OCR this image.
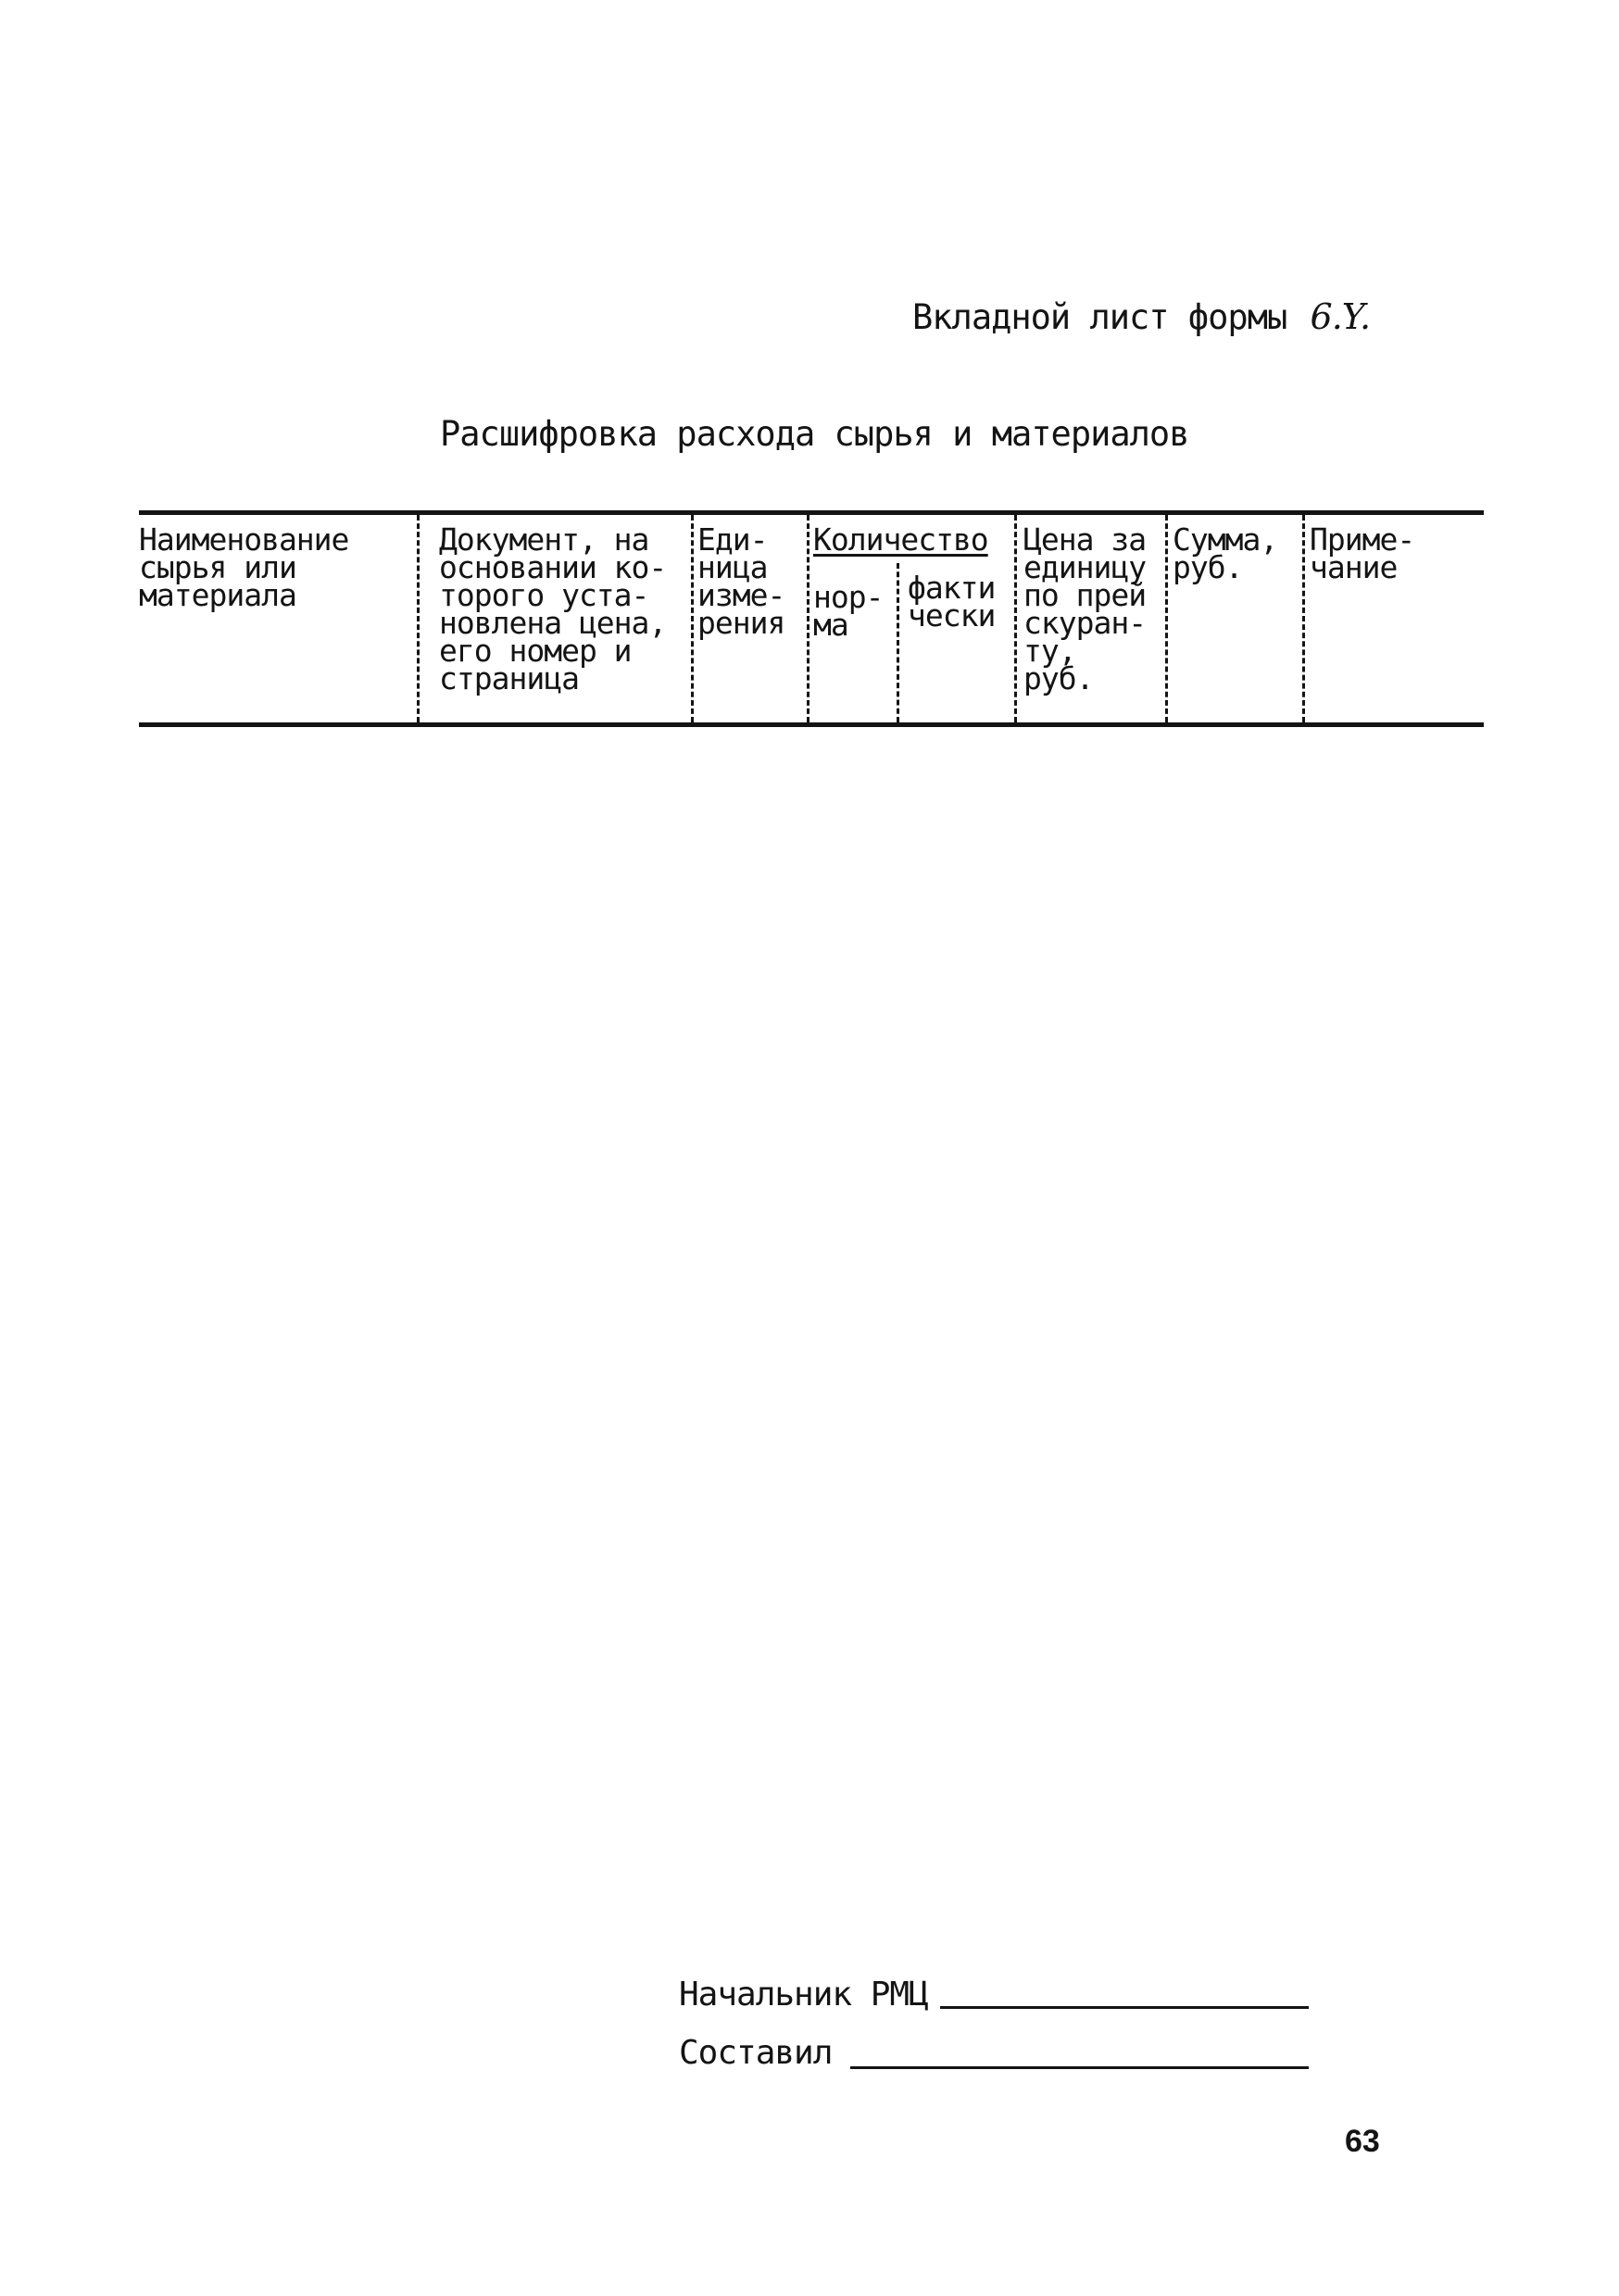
Вкладной лист формы 6.Y.
Расшифровка расхода сырья и материалов
Наименование
сырья или
материала
Документ, на
основании ко-
торого уста-
новлена цена,
его номер и
страница
Еди-
ница
изме-
рения
Количество
нор-
ма
факти
чески
Цена за
единицу
по прей
скуран-
ту,
руб.
Сумма,
руб.
Приме-
чание
Начальник РМЦ
Составил
63
